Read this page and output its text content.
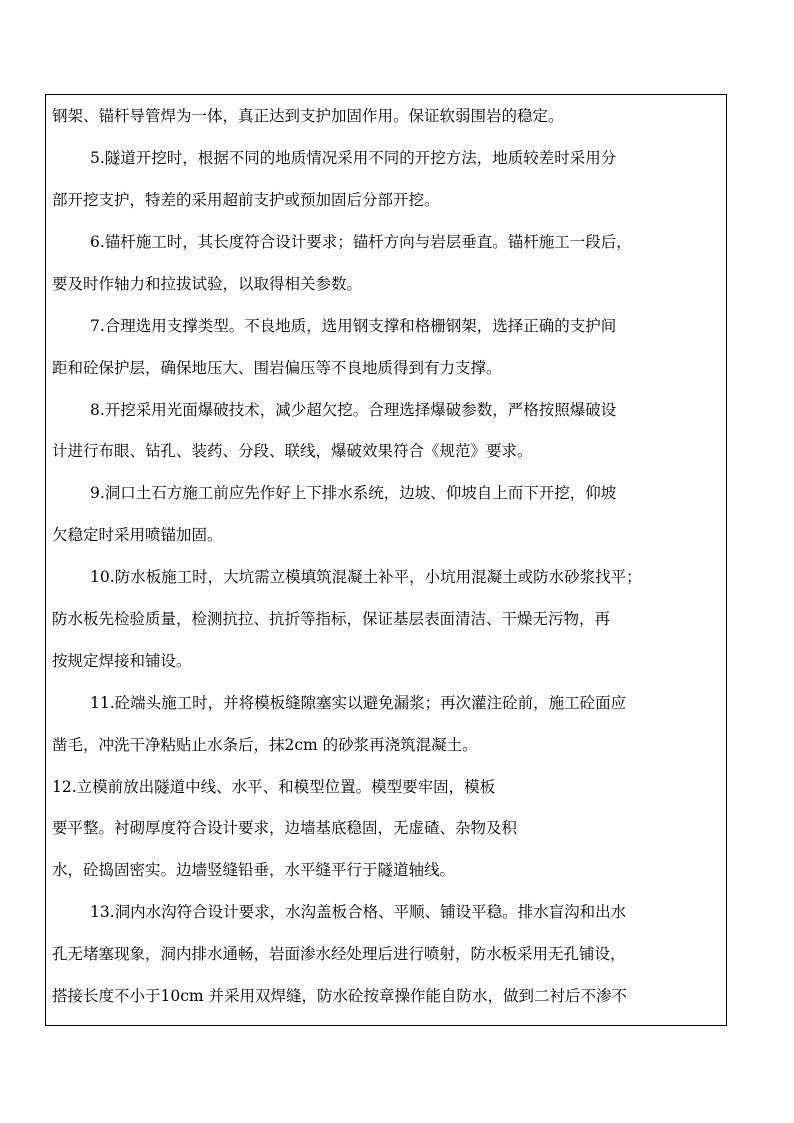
钢架、锚杆导管焊为一体，真正达到支护加固作用。保证软弱围岩的稳定。
5.隧道开挖时，根据不同的地质情况采用不同的开挖方法，地质较差时采用分
部开挖支护，特差的采用超前支护或预加固后分部开挖。
6.锚杆施工时，其长度符合设计要求；锚杆方向与岩层垂直。锚杆施工一段后，
要及时作轴力和拉拔试验，以取得相关参数。
7.合理选用支撑类型。不良地质，选用钢支撑和格栅钢架，选择正确的支护间
距和砼保护层，确保地压大、围岩偏压等不良地质得到有力支撑。
8.开挖采用光面爆破技术，减少超欠挖。合理选择爆破参数，严格按照爆破设
计进行布眼、钻孔、装药、分段、联线，爆破效果符合《规范》要求。
9.洞口土石方施工前应先作好上下排水系统，边坡、仰坡自上而下开挖，仰坡
欠稳定时采用喷锚加固。
10.防水板施工时，大坑需立模填筑混凝土补平，小坑用混凝土或防水砂浆找平；
防水板先检验质量，检测抗拉、抗折等指标，保证基层表面清洁、干燥无污物，再
按规定焊接和铺设。
11.砼端头施工时，并将模板缝隙塞实以避免漏浆；再次灌注砼前，施工砼面应
凿毛，冲洗干净粘贴止水条后，抹2cm 的砂浆再浇筑混凝土。
12.立模前放出隧道中线、水平、和模型位置。模型要牢固，模板
要平整。衬砌厚度符合设计要求，边墙基底稳固，无虚碴、杂物及积
水，砼捣固密实。边墙竖缝铅垂，水平缝平行于隧道轴线。
13.洞内水沟符合设计要求，水沟盖板合格、平顺、铺设平稳。排水盲沟和出水
孔无堵塞现象，洞内排水通畅，岩面渗水经处理后进行喷射，防水板采用无孔铺设，
搭接长度不小于10cm 并采用双焊缝，防水砼按章操作能自防水，做到二衬后不渗不
